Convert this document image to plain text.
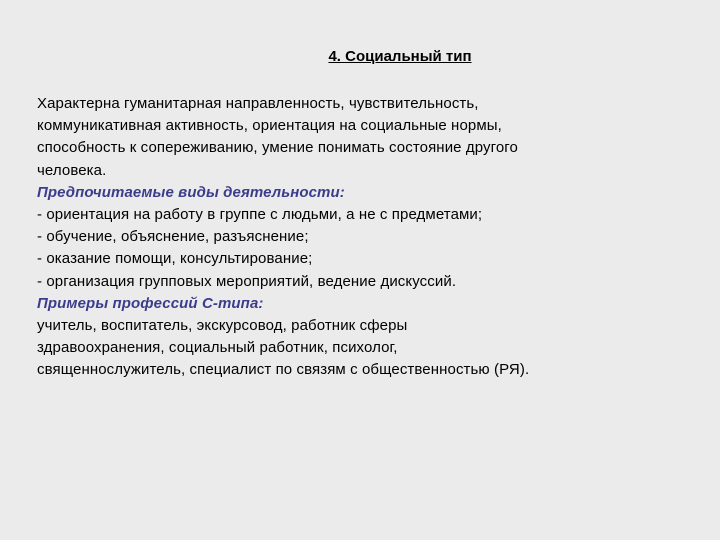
4. Социальный тип
Характерна гуманитарная направленность, чувствительность,
коммуникативная активность, ориентация на социальные нормы,
способность к сопереживанию, умение понимать состояние другого
человека.
Предпочитаемые виды деятельности:
- ориентация на работу в группе с людьми, а не с предметами;
- обучение, объяснение, разъяснение;
- оказание помощи, консультирование;
- организация групповых мероприятий, ведение дискуссий.
Примеры профессий С-типа:
учитель, воспитатель, экскурсовод, работник сферы
здравоохранения, социальный работник, психолог,
священнослужитель, специалист по связям с общественностью (РЯ).
